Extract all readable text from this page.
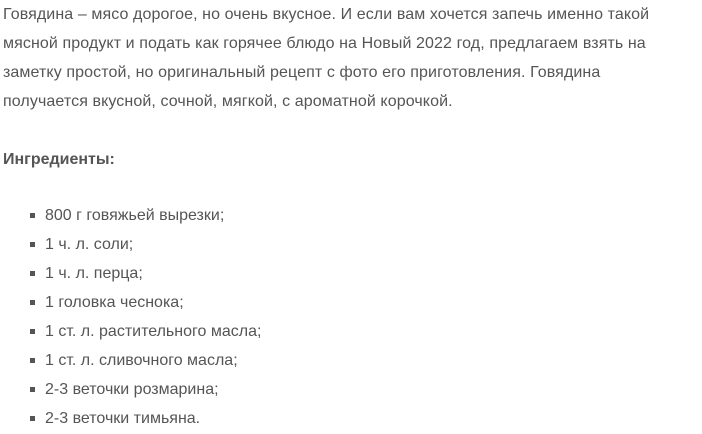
Говядина – мясо дорогое, но очень вкусное. И если вам хочется запечь именно такой
мясной продукт и подать как горячее блюдо на Новый 2022 год, предлагаем взять на
заметку простой, но оригинальный рецепт с фото его приготовления. Говядина
получается вкусной, сочной, мягкой, с ароматной корочкой.

Ингредиенты:

800 г говяжьей вырезки;
1 ч. л. соли;
1 ч. л. перца;
1 головка чеснока;
1 ст. л. растительного масла;
1 ст. л. сливочного масла;
2-3 веточки розмарина;
2-3 веточки тимьяна.
